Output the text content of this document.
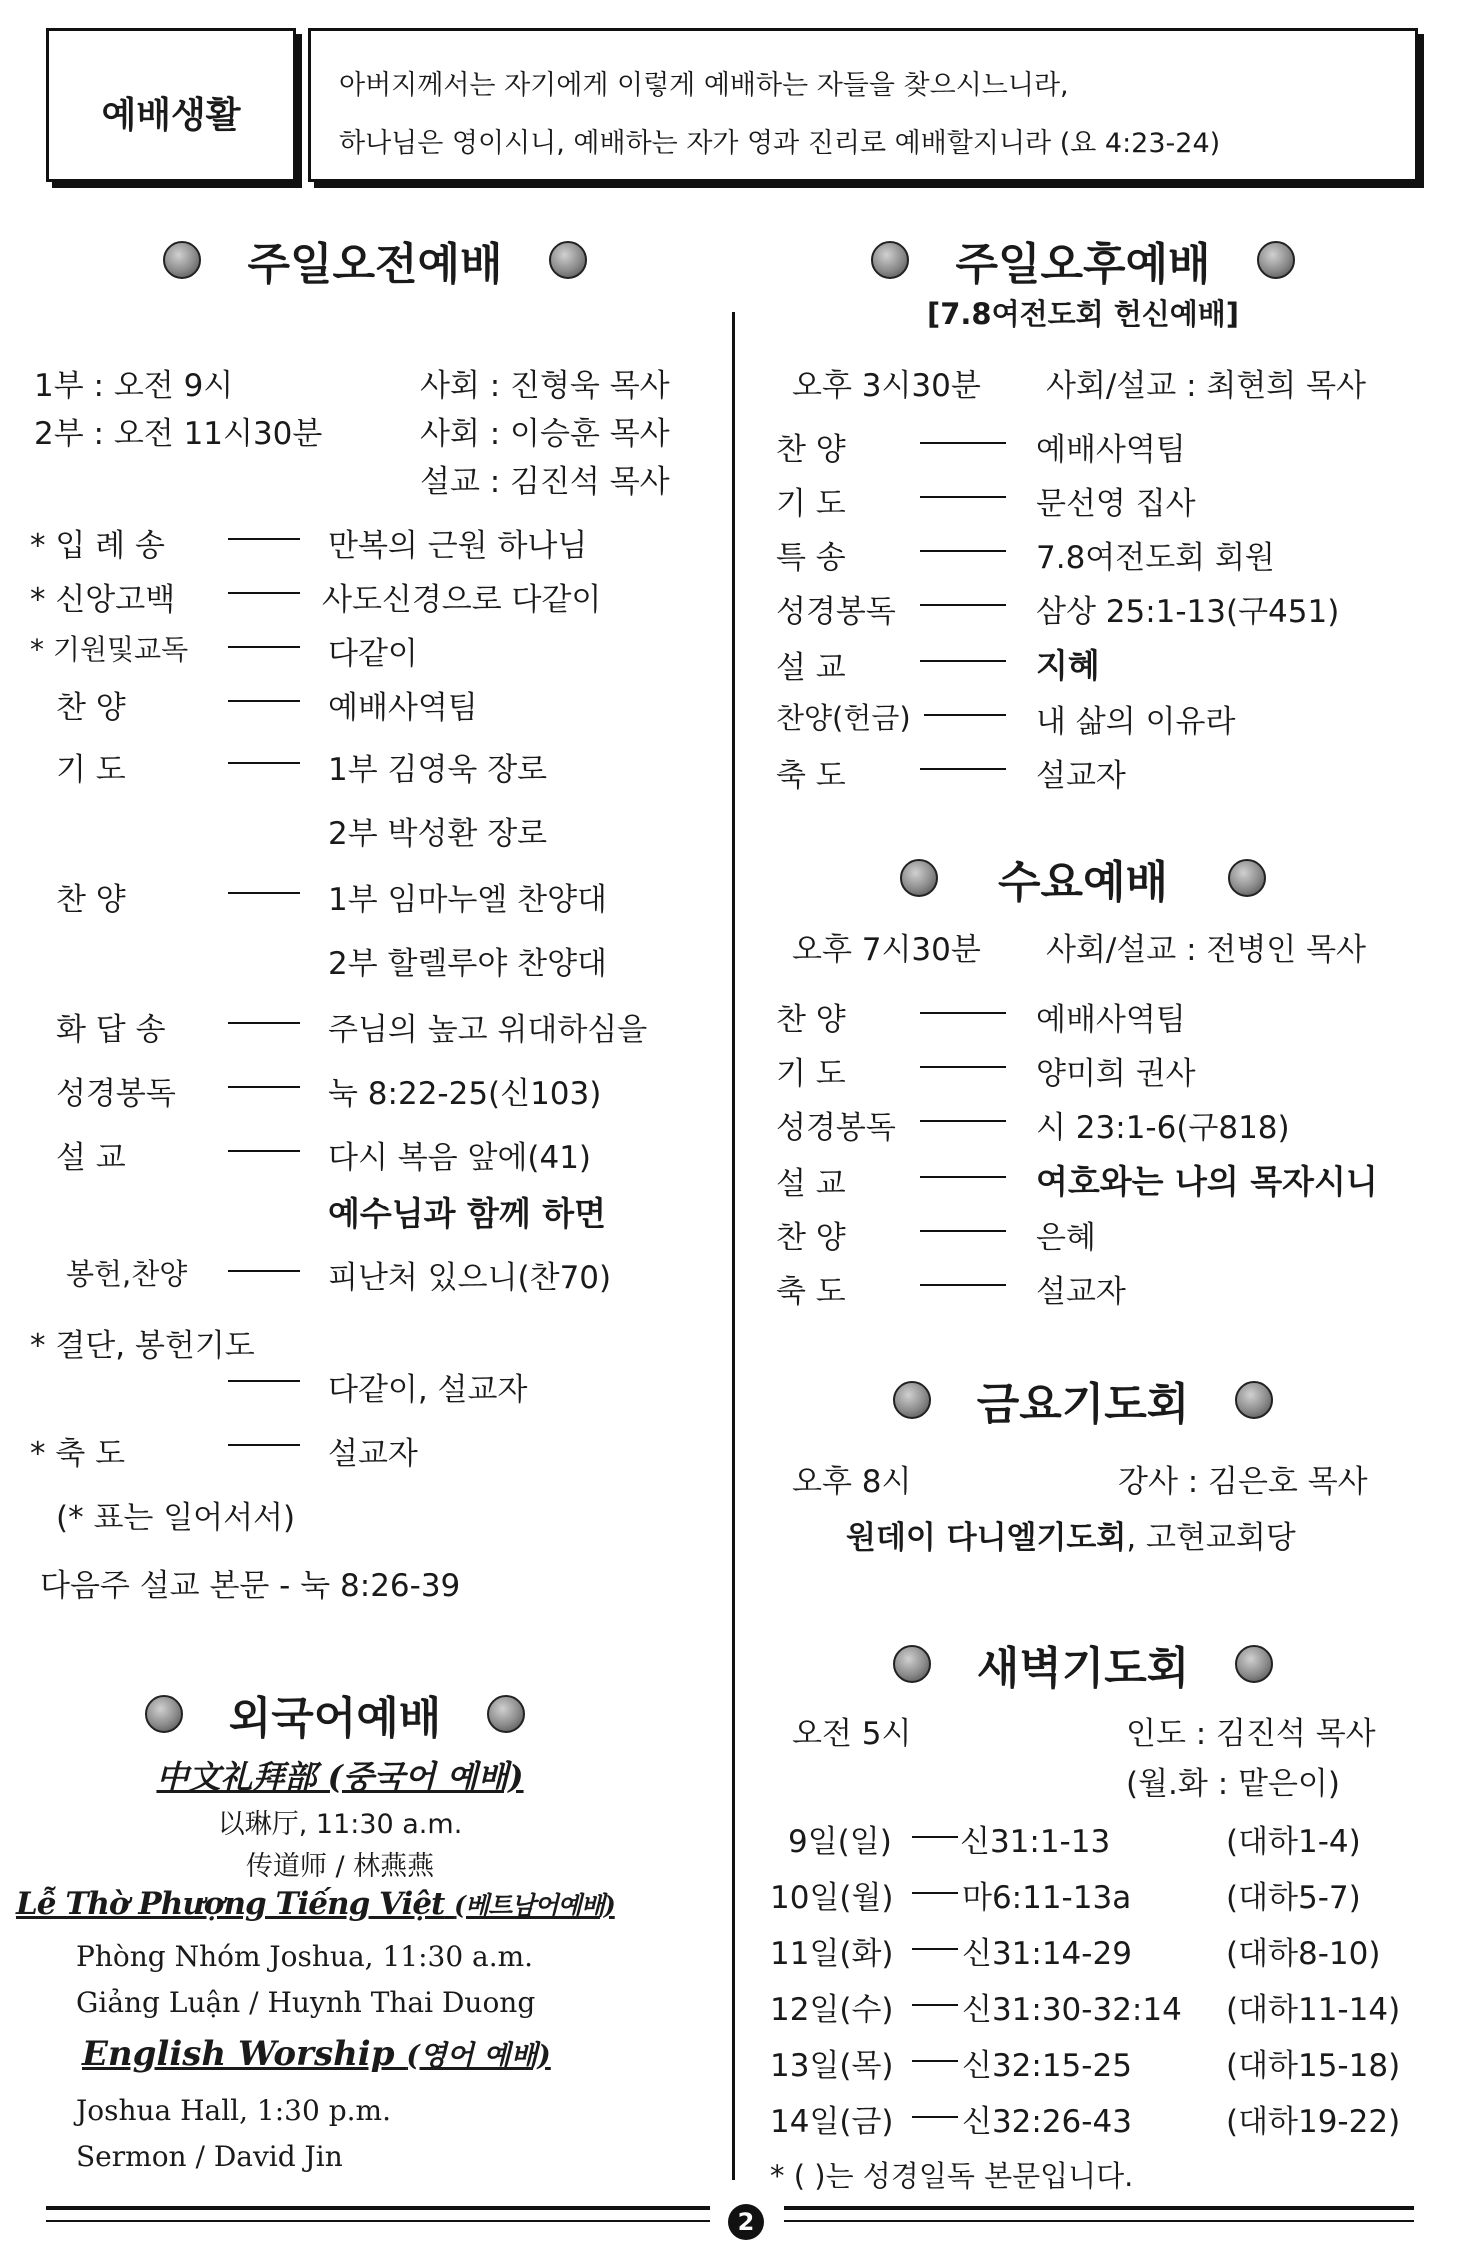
예배생활
아버지께서는 자기에게 이렇게 예배하는 자들을 찾으시느니라,
하나님은 영이시니, 예배하는 자가 영과 진리로 예배할지니라 (요 4:23-24)
주일오전예배
1부 : 오전 9시	사회 : 진형욱 목사
2부 : 오전 11시30분	사회 : 이승훈 목사
설교 : 김진석 목사
* 입 례 송	만복의 근원 하나님
* 신앙고백	사도신경으로 다같이
* 기원및교독	다같이
찬 양	예배사역팀
기 도	1부 김영욱 장로
2부 박성환 장로
찬 양	1부 임마누엘 찬양대
2부 할렐루야 찬양대
화 답 송	주님의 높고 위대하심을
성경봉독	눅 8:22-25(신103)
설 교	다시 복음 앞에(41)
예수님과 함께 하면
봉헌,찬양	피난처 있으니(찬70)
* 결단, 봉헌기도
다같이, 설교자
* 축 도	설교자
(* 표는 일어서서)
다음주 설교 본문 - 눅 8:26-39
외국어예배
中文礼拜部 (중국어 예배)
以琳厅, 11:30 a.m.
传道师 / 林燕燕
Lễ Thờ Phượng Tiếng Việt (베트남어예배)
Phòng Nhóm Joshua, 11:30 a.m.
Giảng Luận / Huynh Thai Duong
English Worship (영어 예배)
Joshua Hall, 1:30 p.m.
Sermon / David Jin
주일오후예배
[7.8여전도회 헌신예배]
오후 3시30분 사회/설교 : 최현희 목사
찬 양	예배사역팀
기 도	문선영 집사
특 송	7.8여전도회 회원
성경봉독	삼상 25:1-13(구451)
설 교	지혜
찬양(헌금)	내 삶의 이유라
축 도	설교자
수요예배
오후 7시30분 사회/설교 : 전병인 목사
찬 양	예배사역팀
기 도	양미희 권사
성경봉독	시 23:1-6(구818)
설 교	여호와는 나의 목자시니
찬 양	은혜
축 도	설교자
금요기도회
오후 8시	강사 : 김은호 목사
원데이 다니엘기도회, 고현교회당
새벽기도회
오전 5시	인도 : 김진석 목사
(월.화 : 맡은이)
9일(일) 신31:1-13	(대하1-4)
10일(월) 마6:11-13a	(대하5-7)
11일(화) 신31:14-29	(대하8-10)
12일(수) 신31:30-32:14 (대하11-14)
13일(목) 신32:15-25	(대하15-18)
14일(금) 신32:26-43	(대하19-22)
* ( )는 성경일독 본문입니다.
2
